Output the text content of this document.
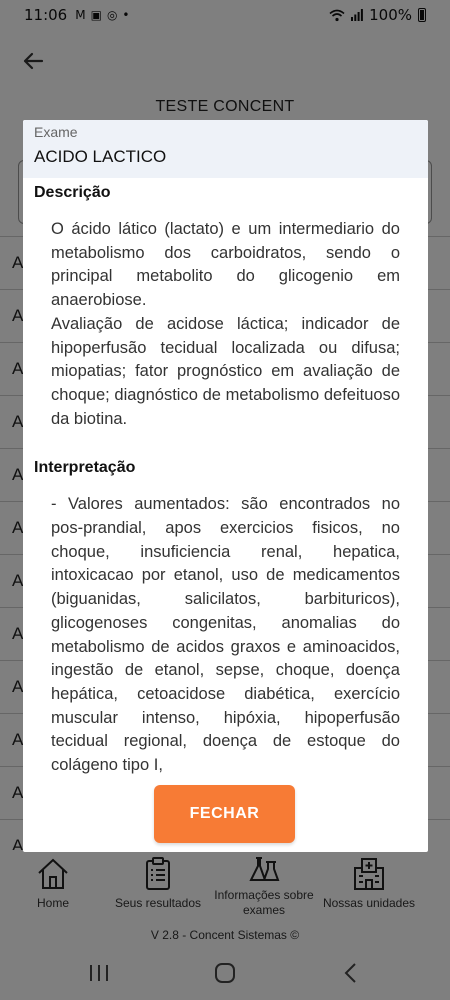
Exame
ACIDO LACTICO
Descrição

O ácido lático (lactato) e um intermediario do metabolismo dos carboidratos, sendo o principal metabolito do glicogenio em anaerobiose.

Avaliação de acidose láctica; indicador de hipoperfusão tecidual localizada ou difusa; miopatias; fator prognóstico em avaliação de choque; diagnóstico de metabolismo defeituoso da biotina.

Interpretação

- Valores aumentados: são encontrados no pos-prandial, apos exercicios fisicos, no choque, insuficiencia renal, hepatica, intoxicacao por etanol, uso de medicamentos (biguanidas, salicilatos, barbituricos), glicogenoses congenitas, anomalias do metabolismo de acidos graxos e aminoacidos, ingestão de etanol, sepse, choque, doença hepática, cetoacidose diabética, exercício muscular intenso, hipóxia, hipoperfusão tecidual regional, doença de estoque do colágeno tipo I,

FECHAR
